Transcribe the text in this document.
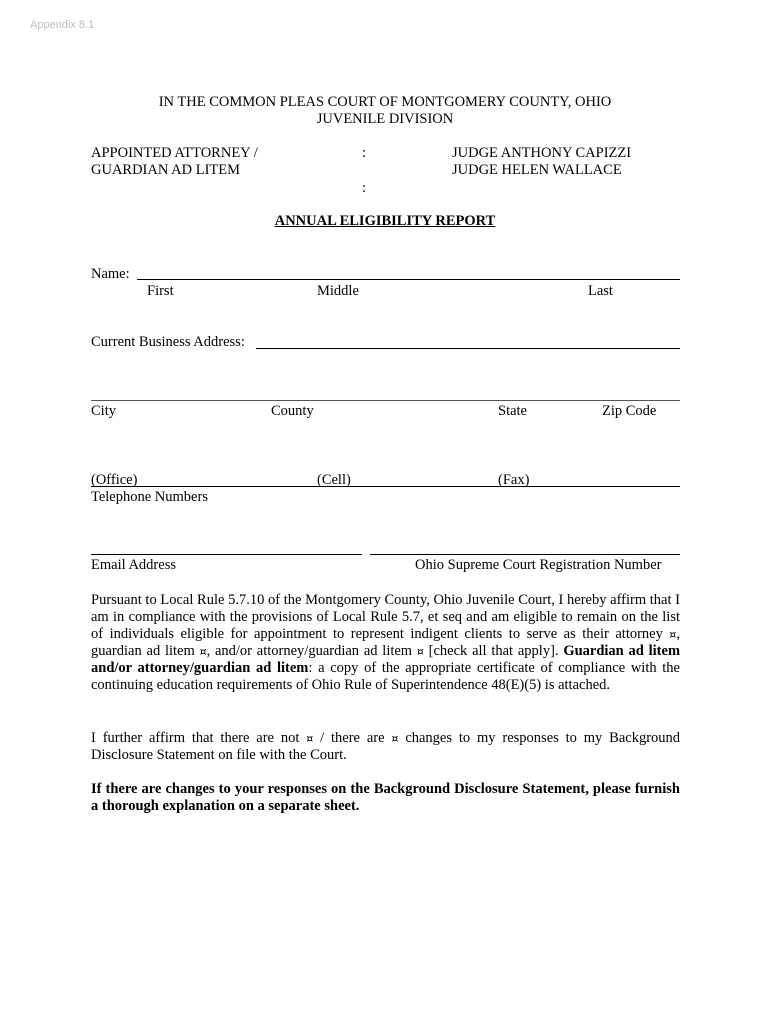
Appendix 8.1
IN THE COMMON PLEAS COURT OF MONTGOMERY COUNTY, OHIO
JUVENILE DIVISION
APPOINTED ATTORNEY /
GUARDIAN AD LITEM
:
:
JUDGE ANTHONY CAPIZZI
JUDGE HELEN WALLACE
ANNUAL ELIGIBILITY REPORT
Name:
First	Middle	Last
Current Business Address:
City	County	State	Zip Code
(Office)	(Cell)	(Fax)
Telephone Numbers
Email Address	Ohio Supreme Court Registration Number
Pursuant to Local Rule 5.7.10 of the Montgomery County, Ohio Juvenile Court, I hereby affirm that I am in compliance with the provisions of Local Rule 5.7, et seq and am eligible to remain on the list of individuals eligible for appointment to represent indigent clients to serve as their attorney ¤, guardian ad litem ¤, and/or attorney/guardian ad litem ¤ [check all that apply]. Guardian ad litem and/or attorney/guardian ad litem: a copy of the appropriate certificate of compliance with the continuing education requirements of Ohio Rule of Superintendence 48(E)(5) is attached.
I further affirm that there are not ¤ / there are ¤ changes to my responses to my Background Disclosure Statement on file with the Court.
If there are changes to your responses on the Background Disclosure Statement, please furnish a thorough explanation on a separate sheet.
